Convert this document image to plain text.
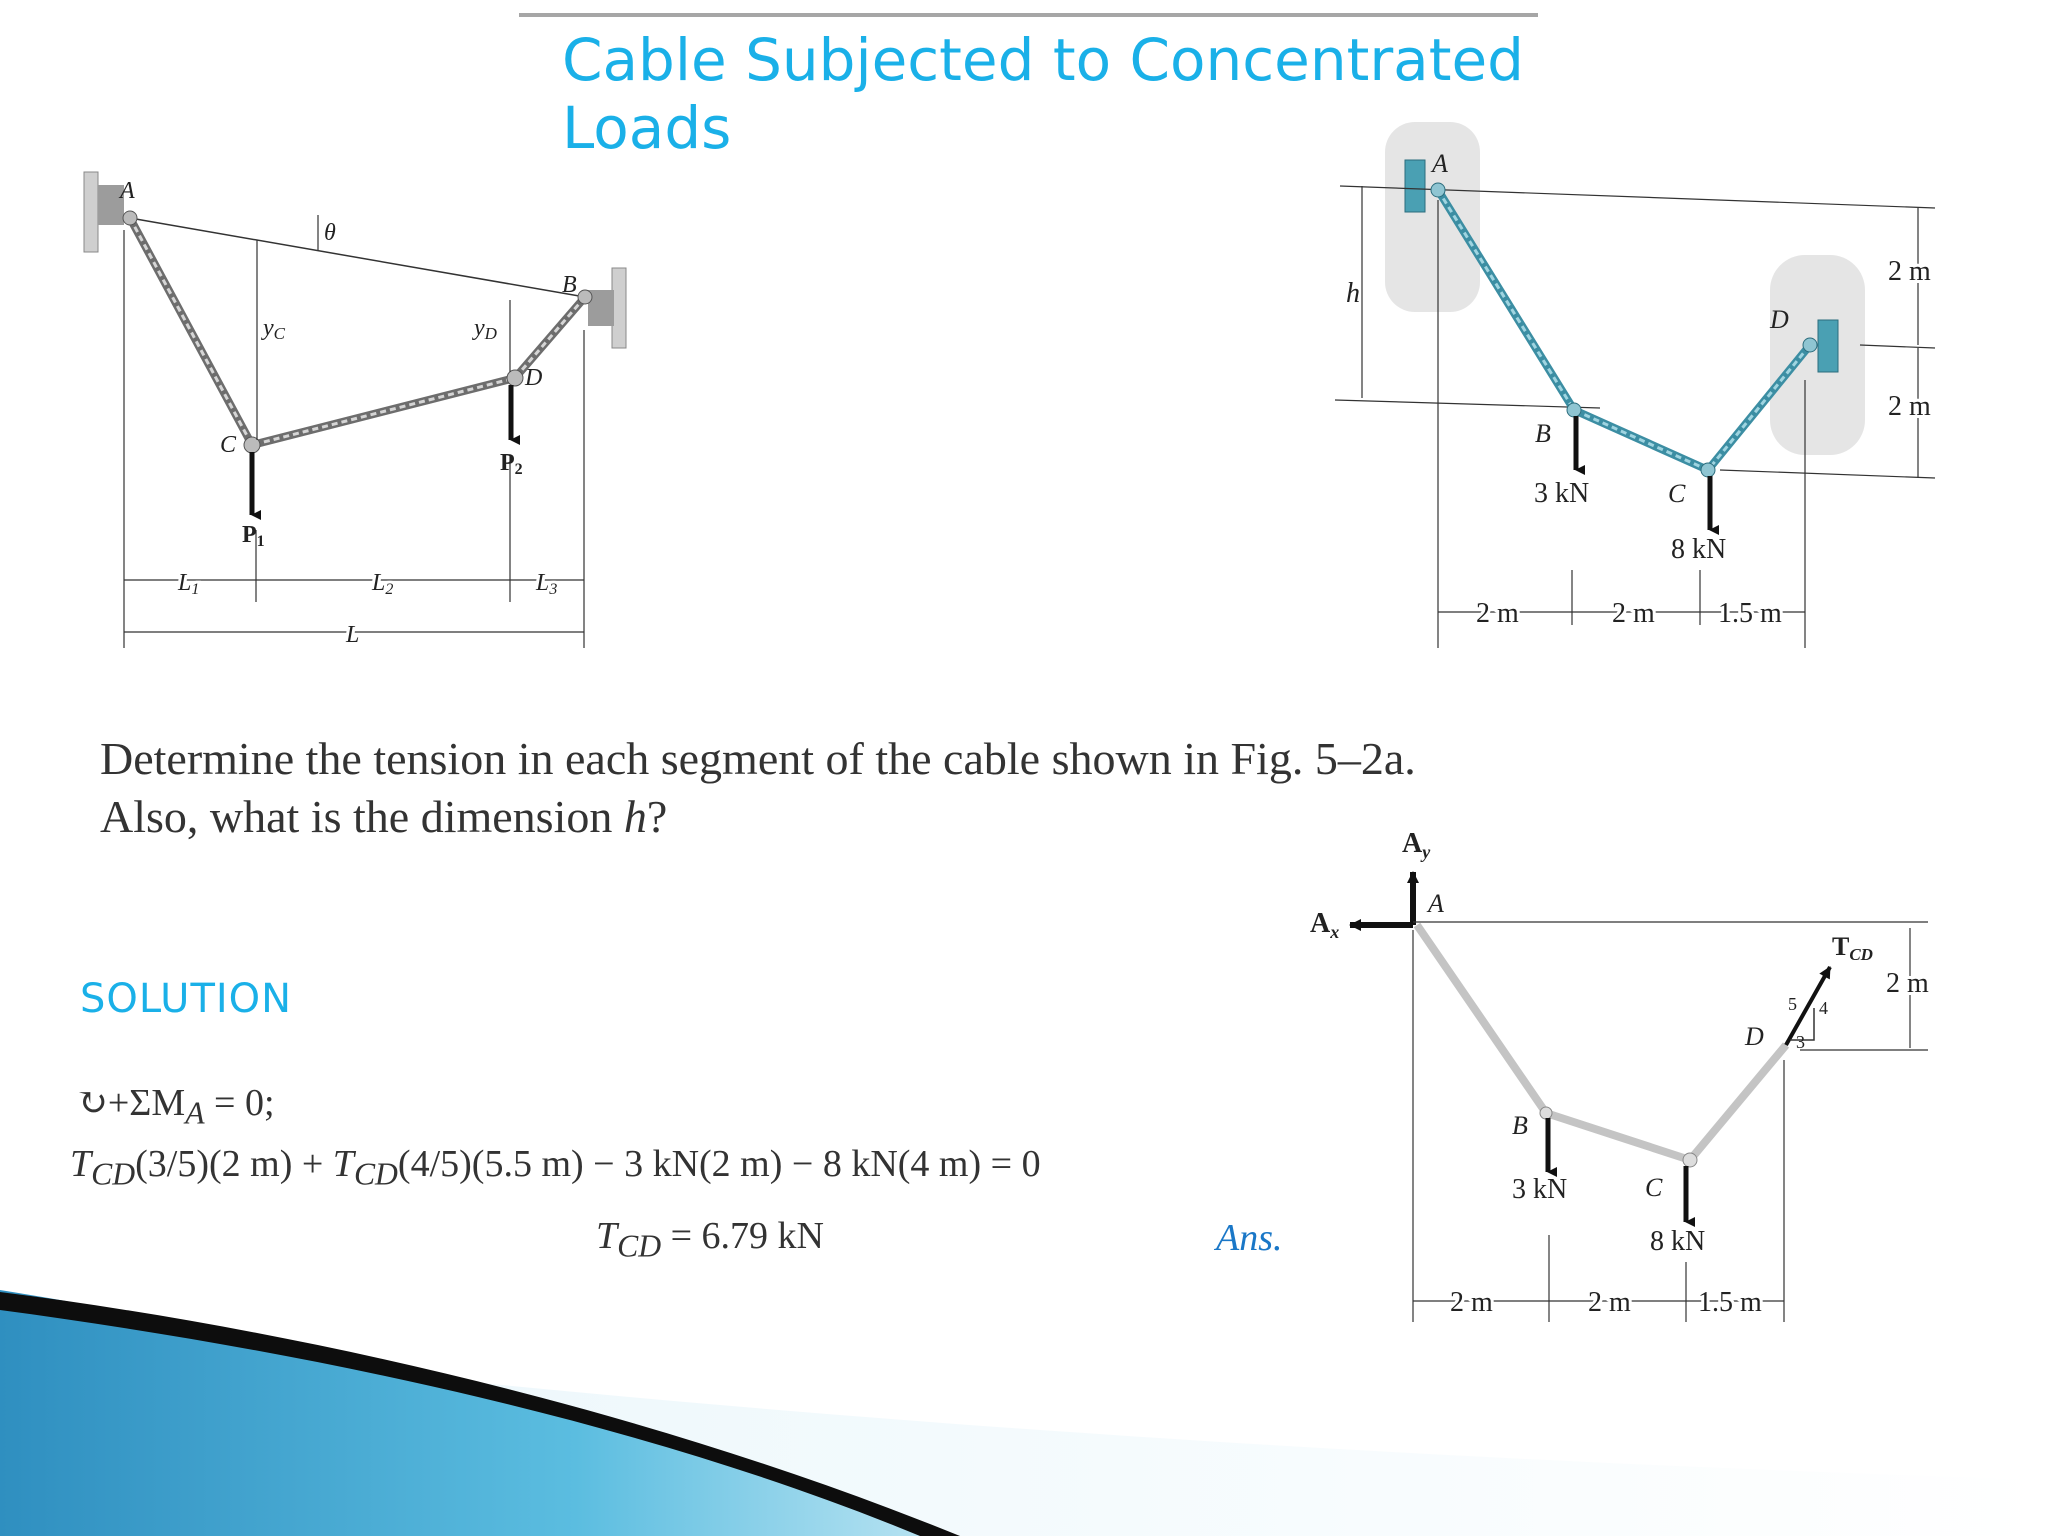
Cable Subjected to Concentrated
Loads
A
B
C
D
θ
yC	yD
P1
P2
L1	L2	L3
L
A
h
B
C
D
3 kN
8 kN
2 m
2 m
2 m	2 m 1.5 m
Determine the tension in each segment of the cable shown in Fig. 5–2a.
Also, what is the dimension h?
SOLUTION
$↻+\Sigma M_A = 0$;
$T_{CD}(3/5)(2$ $m) + T_{CD}(4/5)(5.5$ m) − 3 kN(2 m) − 8 kN(4 m) = 0
$T_{CD} = 6.79$ kN	Ans.
$A_y$
$A_x$
A
B
C
D
TCD
5 4
3
2 m
3 kN
8 kN
2 m	2 m 1.5 m
